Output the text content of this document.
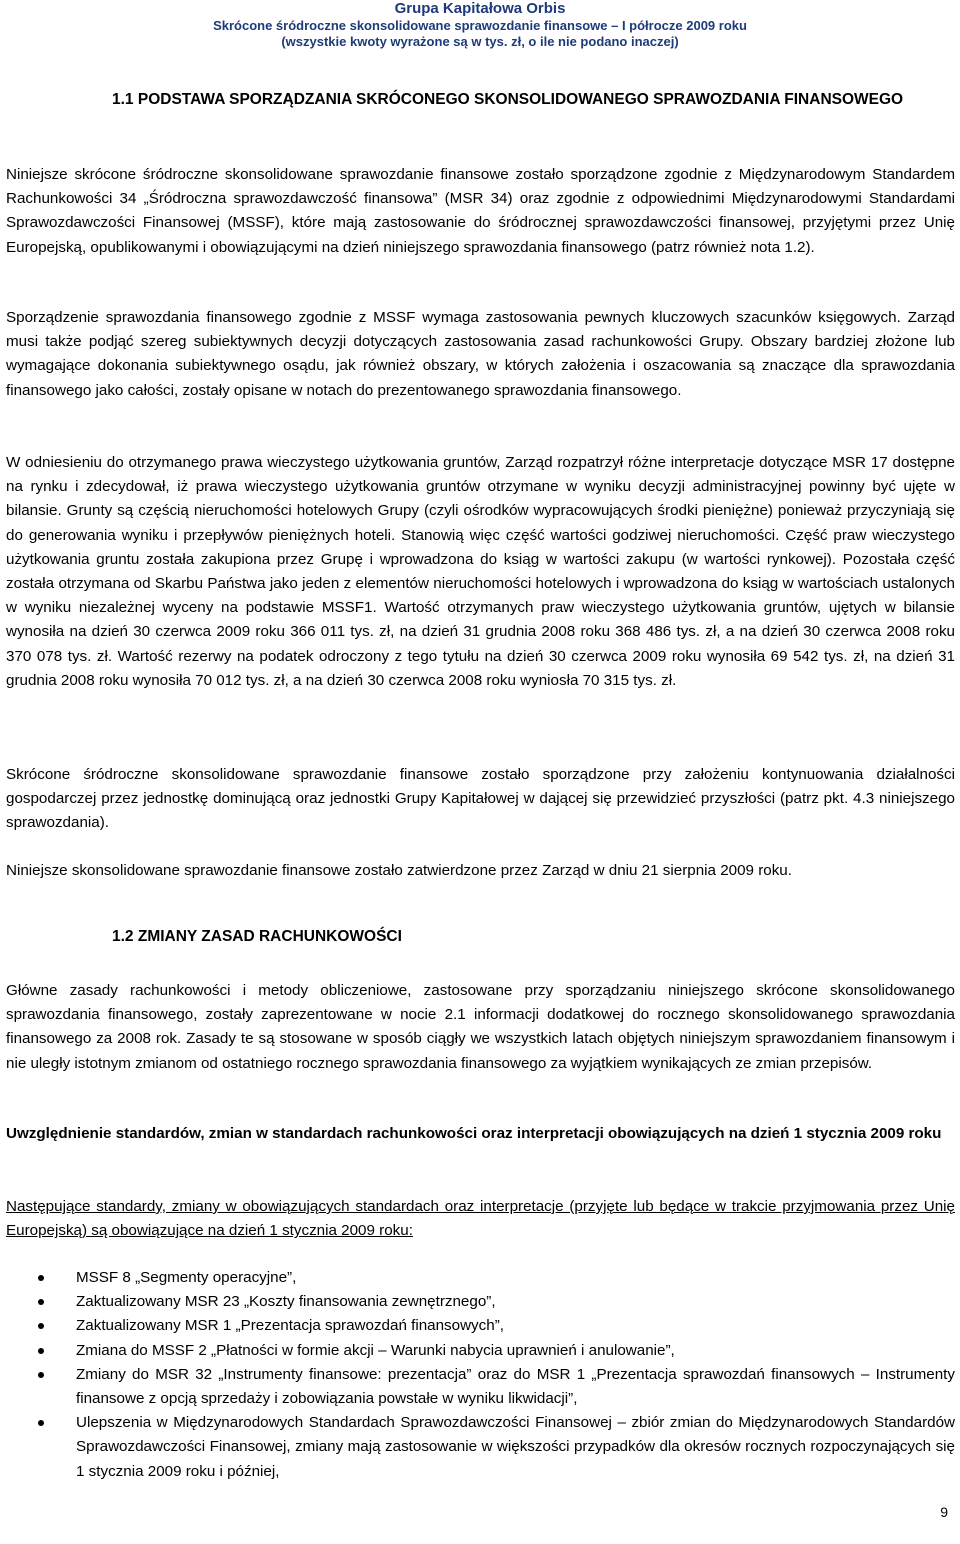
Grupa Kapitałowa Orbis
Skrócone śródroczne skonsolidowane sprawozdanie finansowe – I półrocze 2009 roku
(wszystkie kwoty wyrażone są w tys. zł, o ile nie podano inaczej)
1.1 PODSTAWA SPORZĄDZANIA SKRÓCONEGO SKONSOLIDOWANEGO SPRAWOZDANIA FINANSOWEGO
Niniejsze skrócone śródroczne skonsolidowane sprawozdanie finansowe zostało sporządzone zgodnie z Międzynarodowym Standardem Rachunkowości 34 „Śródroczna sprawozdawczość finansowa” (MSR 34) oraz zgodnie z odpowiednimi Międzynarodowymi Standardami Sprawozdawczości Finansowej (MSSF), które mają zastosowanie do śródrocznej sprawozdawczości finansowej, przyjętymi przez Unię Europejską, opublikowanymi i obowiązującymi na dzień niniejszego sprawozdania finansowego (patrz również nota 1.2).
Sporządzenie sprawozdania finansowego zgodnie z MSSF wymaga zastosowania pewnych kluczowych szacunków księgowych. Zarząd musi także podjąć szereg subiektywnych decyzji dotyczących zastosowania zasad rachunkowości Grupy. Obszary bardziej złożone lub wymagające dokonania subiektywnego osądu, jak również obszary, w których założenia i oszacowania są znaczące dla sprawozdania finansowego jako całości, zostały opisane w notach do prezentowanego sprawozdania finansowego.
W odniesieniu do otrzymanego prawa wieczystego użytkowania gruntów, Zarząd rozpatrzył różne interpretacje dotyczące MSR 17 dostępne na rynku i zdecydował, iż prawa wieczystego użytkowania gruntów otrzymane w wyniku decyzji administracyjnej powinny być ujęte w bilansie. Grunty są częścią nieruchomości hotelowych Grupy (czyli ośrodków wypracowujących środki pieniężne) ponieważ przyczyniają się do generowania wyniku i przepływów pieniężnych hoteli. Stanowią więc część wartości godziwej nieruchomości. Część praw wieczystego użytkowania gruntu została zakupiona przez Grupę i wprowadzona do ksiąg w wartości zakupu (w wartości rynkowej). Pozostała część została otrzymana od Skarbu Państwa jako jeden z elementów nieruchomości hotelowych i wprowadzona do ksiąg w wartościach ustalonych w wyniku niezależnej wyceny na podstawie MSSF1. Wartość otrzymanych praw wieczystego użytkowania gruntów, ujętych w bilansie wynosiła na dzień 30 czerwca 2009 roku 366 011 tys. zł, na dzień 31 grudnia 2008 roku 368 486 tys. zł, a na dzień 30 czerwca 2008 roku 370 078 tys. zł. Wartość rezerwy na podatek odroczony z tego tytułu na dzień 30 czerwca 2009 roku wynosiła 69 542 tys. zł, na dzień 31 grudnia 2008 roku wynosiła 70 012 tys. zł, a na dzień 30 czerwca 2008 roku wyniosła 70 315 tys. zł.
Skrócone śródroczne skonsolidowane sprawozdanie finansowe zostało sporządzone przy założeniu kontynuowania działalności gospodarczej przez jednostkę dominującą oraz jednostki Grupy Kapitałowej w dającej się przewidzieć przyszłości (patrz pkt. 4.3 niniejszego sprawozdania).
Niniejsze skonsolidowane sprawozdanie finansowe zostało zatwierdzone przez Zarząd w dniu 21 sierpnia 2009 roku.
1.2 ZMIANY ZASAD RACHUNKOWOŚCI
Główne zasady rachunkowości i metody obliczeniowe, zastosowane przy sporządzaniu niniejszego skrócone skonsolidowanego sprawozdania finansowego, zostały zaprezentowane w nocie 2.1 informacji dodatkowej do rocznego skonsolidowanego sprawozdania finansowego za 2008 rok. Zasady te są stosowane w sposób ciągły we wszystkich latach objętych niniejszym sprawozdaniem finansowym i nie uległy istotnym zmianom od ostatniego rocznego sprawozdania finansowego za wyjątkiem wynikających ze zmian przepisów.
Uwzględnienie standardów, zmian w standardach rachunkowości oraz interpretacji obowiązujących na dzień 1 stycznia 2009 roku
Następujące standardy, zmiany w obowiązujących standardach oraz interpretacje (przyjęte lub będące w trakcie przyjmowania przez Unię Europejską) są obowiązujące na dzień 1 stycznia 2009 roku:
MSSF 8 „Segmenty operacyjne”,
Zaktualizowany MSR 23 „Koszty finansowania zewnętrznego”,
Zaktualizowany MSR 1 „Prezentacja sprawozdań finansowych”,
Zmiana do MSSF 2 „Płatności w formie akcji – Warunki nabycia uprawnień i anulowanie”,
Zmiany do MSR 32 „Instrumenty finansowe: prezentacja” oraz do MSR 1 „Prezentacja sprawozdań finansowych – Instrumenty finansowe z opcją sprzedaży i zobowiązania powstałe w wyniku likwidacji”,
Ulepszenia w Międzynarodowych Standardach Sprawozdawczości Finansowej – zbiór zmian do Międzynarodowych Standardów Sprawozdawczości Finansowej, zmiany mają zastosowanie w większości przypadków dla okresów rocznych rozpoczynających się 1 stycznia 2009 roku i później,
9
